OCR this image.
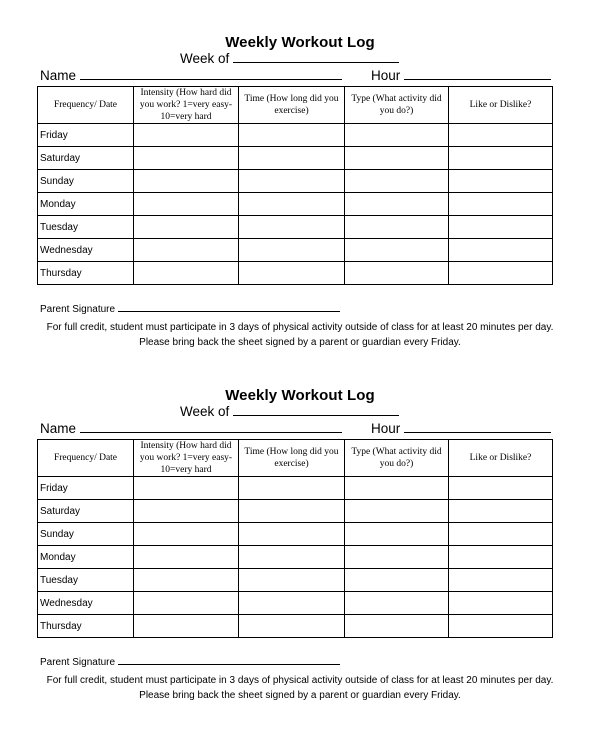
Weekly Workout Log
Week of
Name	Hour
Frequency/ Date	Intensity (How hard did you work? 1=very easy-10=very hard	Time (How long did you exercise)	Type (What activity did you do?)	Like or Dislike?
Friday				
Saturday				
Sunday				
Monday				
Tuesday				
Wednesday				
Thursday				
Parent Signature
For full credit, student must participate in 3 days of physical activity outside of class for at least 20 minutes per day. Please bring back the sheet signed by a parent or guardian every Friday.
Weekly Workout Log
Week of
Name	Hour
Frequency/ Date	Intensity (How hard did you work? 1=very easy-10=very hard	Time (How long did you exercise)	Type (What activity did you do?)	Like or Dislike?
Friday				
Saturday				
Sunday				
Monday				
Tuesday				
Wednesday				
Thursday				
Parent Signature
For full credit, student must participate in 3 days of physical activity outside of class for at least 20 minutes per day. Please bring back the sheet signed by a parent or guardian every Friday.
